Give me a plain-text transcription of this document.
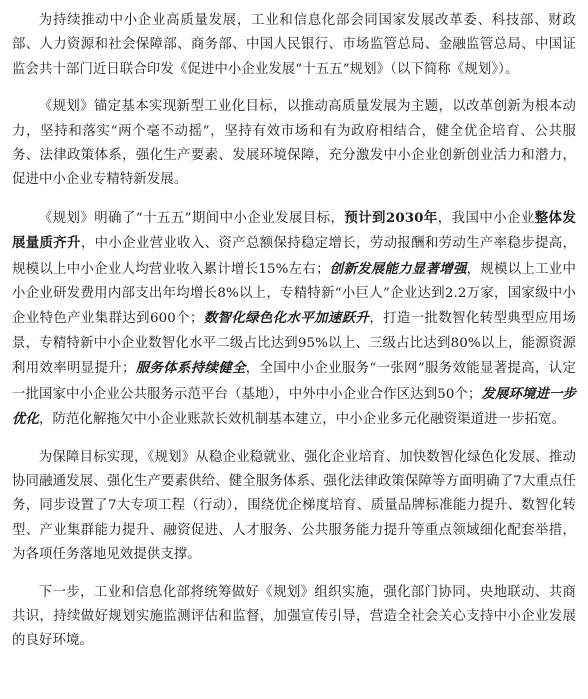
为持续推动中小企业高质量发展，工业和信息化部会同国家发展改革委、科技部、财政部、人力资源和社会保障部、商务部、中国人民银行、市场监管总局、金融监管总局、中国证监会共十部门近日联合印发《促进中小企业发展“十五五”规划》（以下简称《规划》）。

《规划》锚定基本实现新型工业化目标，以推动高质量发展为主题，以改革创新为根本动力，坚持和落实“两个毫不动摇”，坚持有效市场和有为政府相结合，健全优企培育、公共服务、法律政策体系，强化生产要素、发展环境保障，充分激发中小企业创新创业活力和潜力，促进中小企业专精特新发展。

《规划》明确了“十五五”期间中小企业发展目标，预计到2030年，我国中小企业整体发展量质齐升，中小企业营业收入、资产总额保持稳定增长，劳动报酬和劳动生产率稳步提高，规模以上中小企业人均营业收入累计增长15%左右；创新发展能力显著增强，规模以上工业中小企业研发费用内部支出年均增长8%以上，专精特新“小巨人”企业达到2.2万家，国家级中小企业特色产业集群达到600个；数智化绿色化水平加速跃升，打造一批数智化转型典型应用场景，专精特新中小企业数智化水平二级占比达到95%以上、三级占比达到80%以上，能源资源利用效率明显提升；服务体系持续健全，全国中小企业服务“一张网”服务效能显著提高，认定一批国家中小企业公共服务示范平台（基地），中外中小企业合作区达到50个；发展环境进一步优化，防范化解拖欠中小企业账款长效机制基本建立，中小企业多元化融资渠道进一步拓宽。

为保障目标实现，《规划》从稳企业稳就业、强化企业培育、加快数智化绿色化发展、推动协同融通发展、强化生产要素供给、健全服务体系、强化法律政策保障等方面明确了7大重点任务，同步设置了7大专项工程（行动），围绕优企梯度培育、质量品牌标准能力提升、数智化转型、产业集群能力提升、融资促进、人才服务、公共服务能力提升等重点领域细化配套举措，为各项任务落地见效提供支撑。

下一步，工业和信息化部将统筹做好《规划》组织实施，强化部门协同、央地联动、共商共识，持续做好规划实施监测评估和监督，加强宣传引导，营造全社会关心支持中小企业发展的良好环境。
